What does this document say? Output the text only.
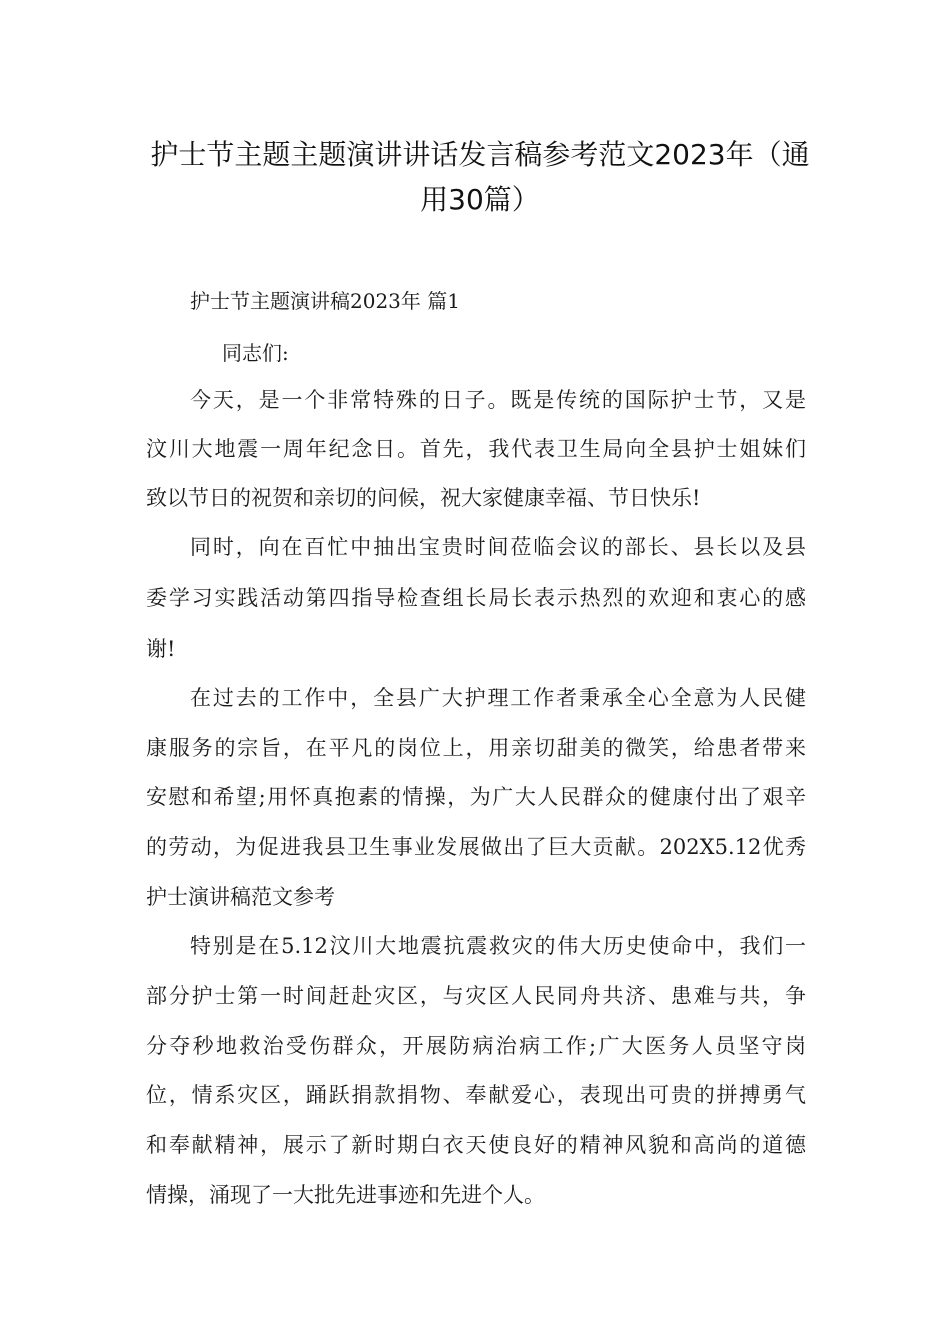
护士节主题主题演讲讲话发言稿参考范文2023年（通
用30篇）
护士节主题演讲稿2023年 篇1
同志们:
今天，是一个非常特殊的日子。既是传统的国际护士节，又是
汶川大地震一周年纪念日。首先，我代表卫生局向全县护士姐妹们
致以节日的祝贺和亲切的问候，祝大家健康幸福、节日快乐!
同时，向在百忙中抽出宝贵时间莅临会议的部长、县长以及县
委学习实践活动第四指导检查组长局长表示热烈的欢迎和衷心的感
谢!
在过去的工作中，全县广大护理工作者秉承全心全意为人民健
康服务的宗旨，在平凡的岗位上，用亲切甜美的微笑，给患者带来
安慰和希望;用怀真抱素的情操，为广大人民群众的健康付出了艰辛
的劳动，为促进我县卫生事业发展做出了巨大贡献。202X5.12优秀
护士演讲稿范文参考
特别是在5.12汶川大地震抗震救灾的伟大历史使命中，我们一
部分护士第一时间赶赴灾区，与灾区人民同舟共济、患难与共，争
分夺秒地救治受伤群众，开展防病治病工作;广大医务人员坚守岗
位，情系灾区，踊跃捐款捐物、奉献爱心，表现出可贵的拼搏勇气
和奉献精神，展示了新时期白衣天使良好的精神风貌和高尚的道德
情操，涌现了一大批先进事迹和先进个人。
